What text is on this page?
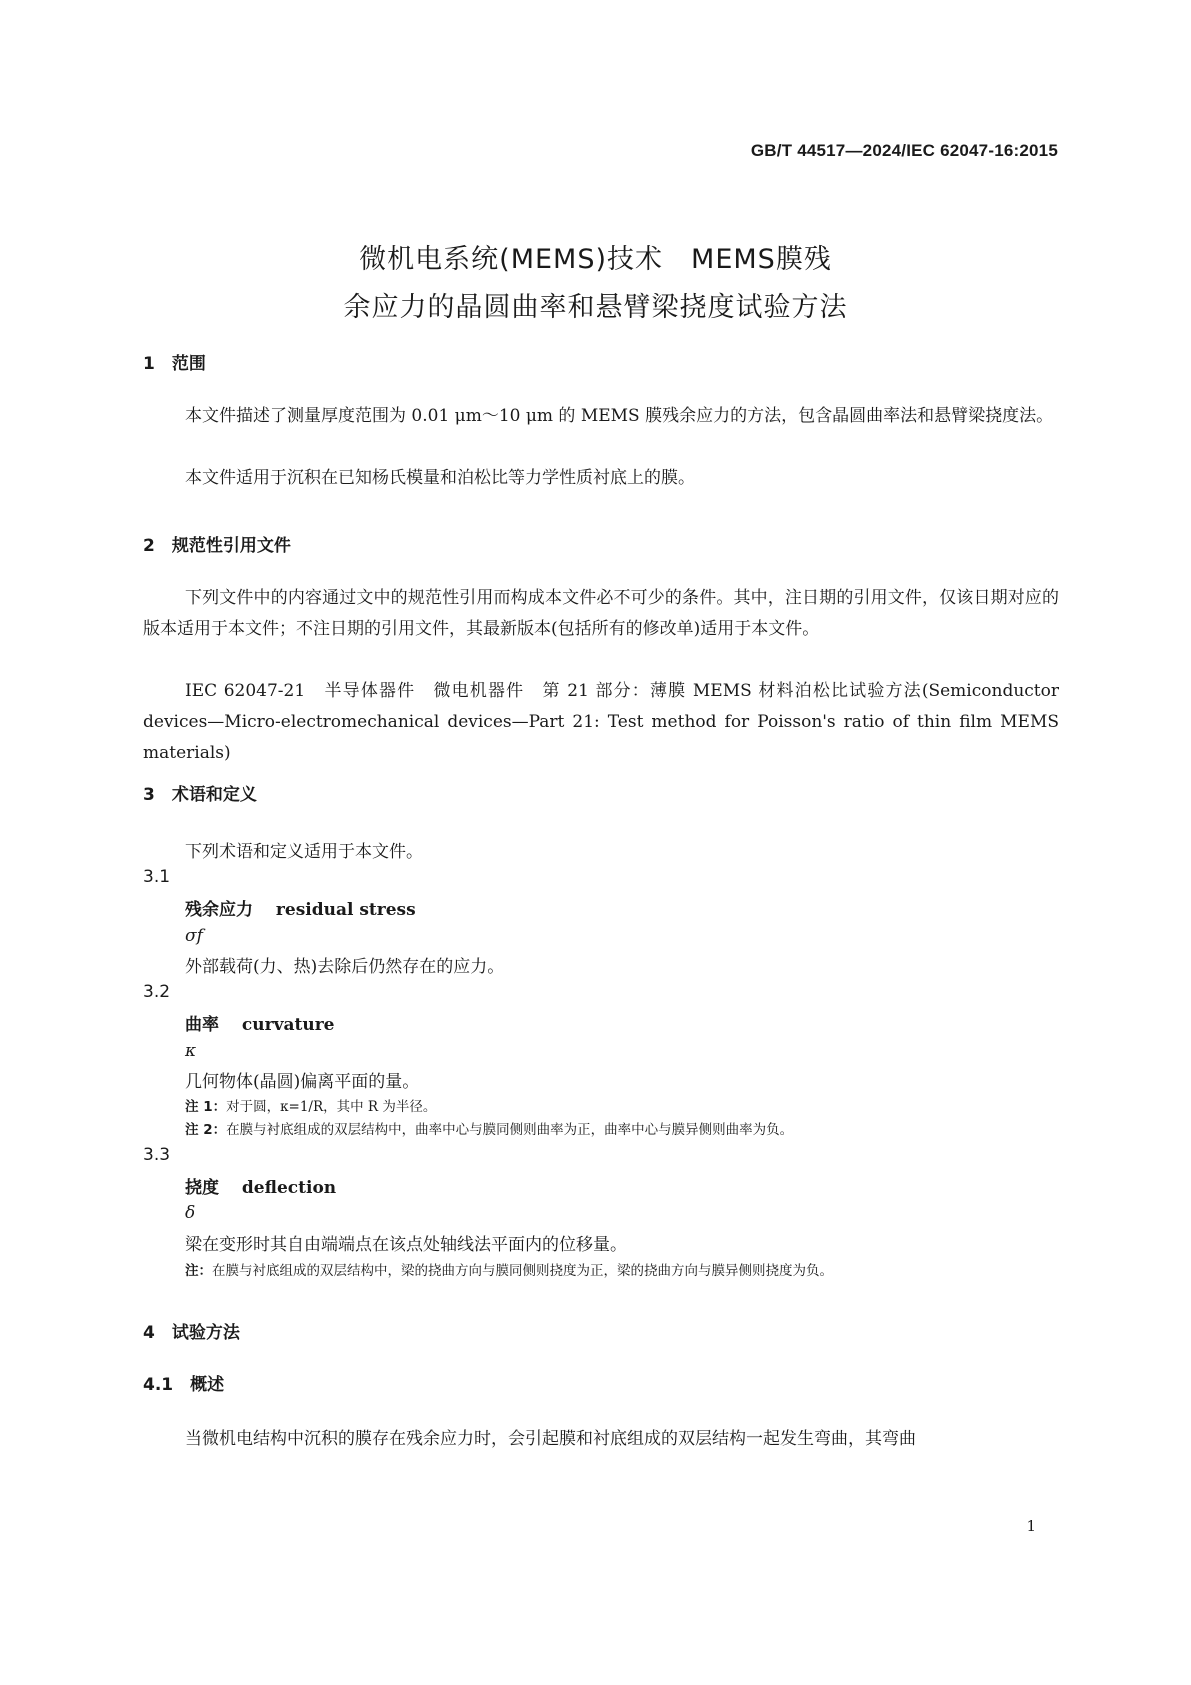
GB/T 44517—2024/IEC 62047-16:2015
微机电系统(MEMS)技术　MEMS膜残
余应力的晶圆曲率和悬臂梁挠度试验方法
1　范围
本文件描述了测量厚度范围为 0.01 μm～10 μm 的 MEMS 膜残余应力的方法，包含晶圆曲率法和悬臂梁挠度法。
本文件适用于沉积在已知杨氏模量和泊松比等力学性质衬底上的膜。
2　规范性引用文件
下列文件中的内容通过文中的规范性引用而构成本文件必不可少的条件。其中，注日期的引用文件，仅该日期对应的版本适用于本文件；不注日期的引用文件，其最新版本(包括所有的修改单)适用于本文件。
IEC 62047-21　半导体器件　微电机器件　第 21 部分：薄膜 MEMS 材料泊松比试验方法(Semiconductor devices—Micro-electromechanical devices—Part 21: Test method for Poisson's ratio of thin film MEMS materials)
3　术语和定义
下列术语和定义适用于本文件。
3.1
残余应力　 residual stress
σf
外部载荷(力、热)去除后仍然存在的应力。
3.2
曲率　 curvature
κ
几何物体(晶圆)偏离平面的量。
注 1：对于圆，κ=1/R，其中 R 为半径。
注 2：在膜与衬底组成的双层结构中，曲率中心与膜同侧则曲率为正，曲率中心与膜异侧则曲率为负。
3.3
挠度　 deflection
δ
梁在变形时其自由端端点在该点处轴线法平面内的位移量。
注：在膜与衬底组成的双层结构中，梁的挠曲方向与膜同侧则挠度为正，梁的挠曲方向与膜异侧则挠度为负。
4　试验方法
4.1　概述
当微机电结构中沉积的膜存在残余应力时，会引起膜和衬底组成的双层结构一起发生弯曲，其弯曲
1
